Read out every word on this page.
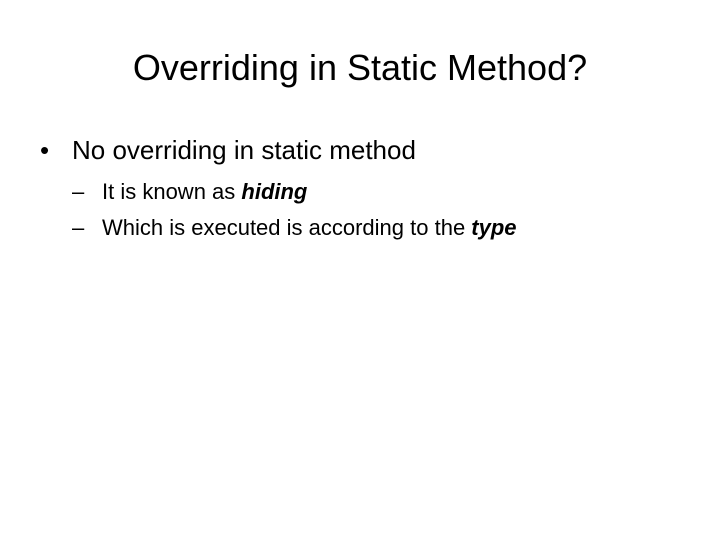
Overriding in Static Method?
• No overriding in static method
– It is known as hiding
– Which is executed is according to the type
